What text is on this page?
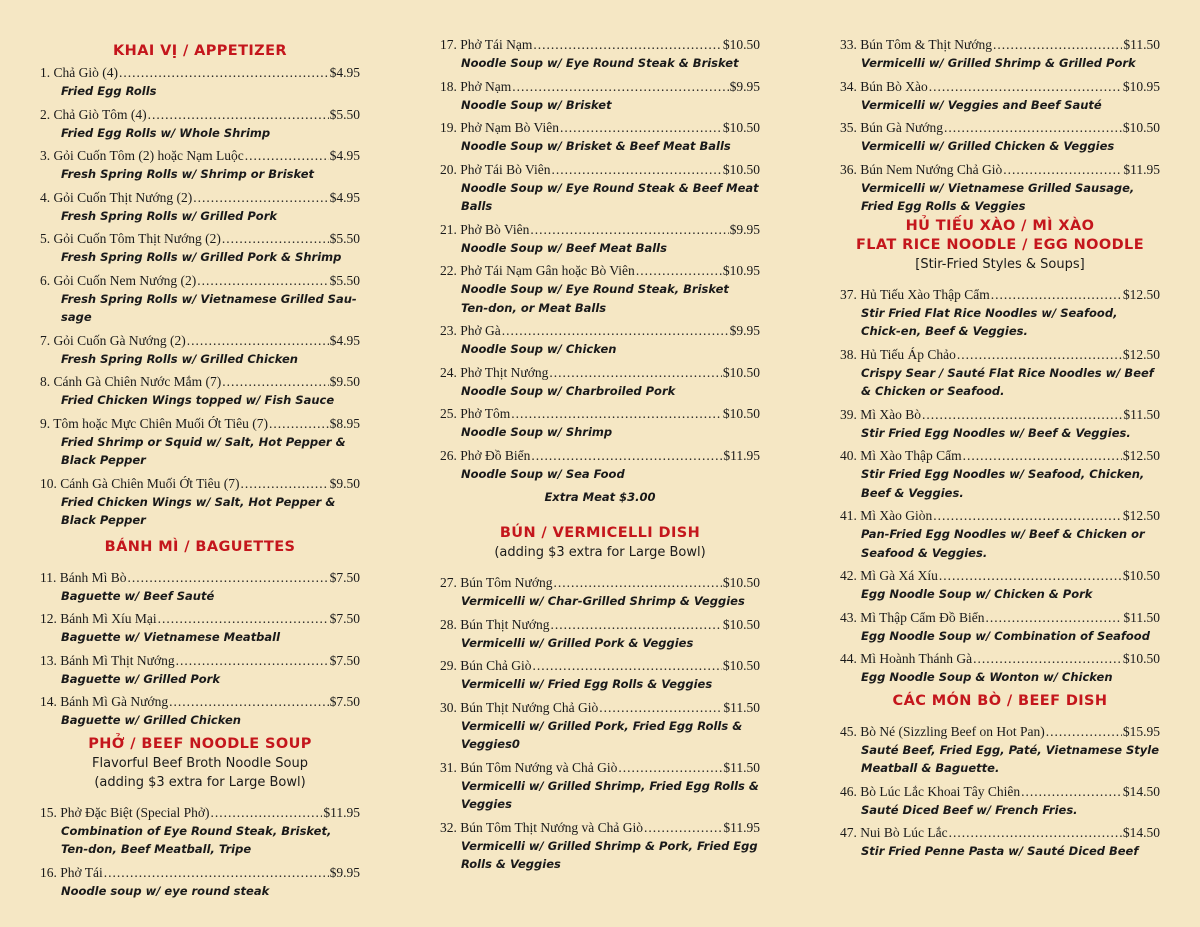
KHAI VỊ / APPETIZER
1. Chả Giò (4) .....	$4.95
Fried Egg Rolls
2. Chả Giò Tôm (4) .....	$5.50
Fried Egg Rolls w/ Whole Shrimp
3. Gỏi Cuốn Tôm (2) hoặc Nạm Luộc .....	$4.95
Fresh Spring Rolls w/ Shrimp or Brisket
4. Gỏi Cuốn Thịt Nướng (2) .....	$4.95
Fresh Spring Rolls w/ Grilled Pork
5. Gỏi Cuốn Tôm Thịt Nướng (2) .....	$5.50
Fresh Spring Rolls w/ Grilled Pork & Shrimp
6. Gỏi Cuốn Nem Nướng (2) .....	$5.50
Fresh Spring Rolls w/ Vietnamese Grilled Sau-sage
7. Gỏi Cuốn Gà Nướng (2) .....	$4.95
Fresh Spring Rolls w/ Grilled Chicken
8. Cánh Gà Chiên Nước Mắm (7) .....	$9.50
Fried Chicken Wings topped w/ Fish Sauce
9. Tôm hoặc Mực Chiên Muối Ớt Tiêu (7) .....	$8.95
Fried Shrimp or Squid w/ Salt, Hot Pepper & Black Pepper
10. Cánh Gà Chiên Muối Ớt Tiêu (7) .....	$9.50
Fried Chicken Wings w/ Salt, Hot Pepper & Black Pepper
BÁNH MÌ / BAGUETTES
11. Bánh Mì Bò .....	$7.50
Baguette w/ Beef Sauté
12. Bánh Mì Xíu Mại .....	$7.50
Baguette w/ Vietnamese Meatball
13. Bánh Mì Thịt Nướng .....	$7.50
Baguette w/ Grilled Pork
14. Bánh Mì Gà Nướng .....	$7.50
Baguette w/ Grilled Chicken
PHỞ / BEEF NOODLE SOUP
Flavorful Beef Broth Noodle Soup
(adding $3 extra for Large Bowl)
15. Phở Đặc Biệt (Special Phở) .....	$11.95
Combination of Eye Round Steak, Brisket, Ten-don, Beef Meatball, Tripe
16. Phở Tái .....	$9.95
Noodle soup w/ eye round steak
17. Phở Tái Nạm .....	$10.50
Noodle Soup w/ Eye Round Steak & Brisket
18. Phở Nạm .....	$9.95
Noodle Soup w/ Brisket
19. Phở Nạm Bò Viên .....	$10.50
Noodle Soup w/ Brisket & Beef Meat Balls
20. Phở Tái Bò Viên .....	$10.50
Noodle Soup w/ Eye Round Steak & Beef Meat Balls
21. Phở Bò Viên .....	$9.95
Noodle Soup w/ Beef Meat Balls
22. Phở Tái Nạm Gân hoặc Bò Viên .....	$10.95
Noodle Soup w/ Eye Round Steak, Brisket Ten-don, or Meat Balls
23. Phở Gà .....	$9.95
Noodle Soup w/ Chicken
24. Phở Thịt Nướng .....	$10.50
Noodle Soup w/ Charbroiled Pork
25. Phở Tôm .....	$10.50
Noodle Soup w/ Shrimp
26. Phở Đồ Biển .....	$11.95
Noodle Soup w/ Sea Food
Extra Meat $3.00
BÚN / VERMICELLI DISH
(adding $3 extra for Large Bowl)
27. Bún Tôm Nướng .....	$10.50
Vermicelli w/ Char-Grilled Shrimp & Veggies
28. Bún Thịt Nướng .....	$10.50
Vermicelli w/ Grilled Pork & Veggies
29. Bún Chả Giò .....	$10.50
Vermicelli w/ Fried Egg Rolls & Veggies
30. Bún Thịt Nướng Chả Giò .....	$11.50
Vermicelli w/ Grilled Pork, Fried Egg Rolls & Veggies0
31. Bún Tôm Nướng và Chả Giò .....	$11.50
Vermicelli w/ Grilled Shrimp, Fried Egg Rolls & Veggies
32. Bún Tôm Thịt Nướng và Chả Giò .....	$11.95
Vermicelli w/ Grilled Shrimp & Pork, Fried Egg Rolls & Veggies
33. Bún Tôm & Thịt Nướng .....	$11.50
Vermicelli w/ Grilled Shrimp & Grilled Pork
34. Bún Bò Xào .....	$10.95
Vermicelli w/ Veggies and Beef Sauté
35. Bún Gà Nướng .....	$10.50
Vermicelli w/ Grilled Chicken & Veggies
36. Bún Nem Nướng Chả Giò .....	$11.95
Vermicelli w/ Vietnamese Grilled Sausage, Fried Egg Rolls & Veggies
HỦ TIẾU XÀO / MÌ XÀO
FLAT RICE NOODLE / EGG NOODLE
[Stir-Fried Styles & Soups]
37. Hủ Tiếu Xào Thập Cẩm .....	$12.50
Stir Fried Flat Rice Noodles w/ Seafood, Chick-en, Beef & Veggies.
38. Hủ Tiếu Áp Chảo .....	$12.50
Crispy Sear / Sauté Flat Rice Noodles w/ Beef & Chicken or Seafood.
39. Mì Xào Bò .....	$11.50
Stir Fried Egg Noodles w/ Beef & Veggies.
40. Mì Xào Thập Cẩm .....	$12.50
Stir Fried Egg Noodles w/ Seafood, Chicken, Beef & Veggies.
41. Mì Xào Giòn .....	$12.50
Pan-Fried Egg Noodles w/ Beef & Chicken or Seafood & Veggies.
42. Mì Gà Xá Xíu .....	$10.50
Egg Noodle Soup w/ Chicken & Pork
43. Mì Thập Cẩm Đồ Biển .....	$11.50
Egg Noodle Soup w/ Combination of Seafood
44. Mì Hoành Thánh Gà .....	$10.50
Egg Noodle Soup & Wonton w/ Chicken
CÁC MÓN BÒ / BEEF DISH
45. Bò Né (Sizzling Beef on Hot Pan) .....	$15.95
Sauté Beef, Fried Egg, Paté, Vietnamese Style Meatball & Baguette.
46. Bò Lúc Lắc Khoai Tây Chiên .....	$14.50
Sauté Diced Beef w/ French Fries.
47. Nui Bò Lúc Lắc .....	$14.50
Stir Fried Penne Pasta w/ Sauté Diced Beef
